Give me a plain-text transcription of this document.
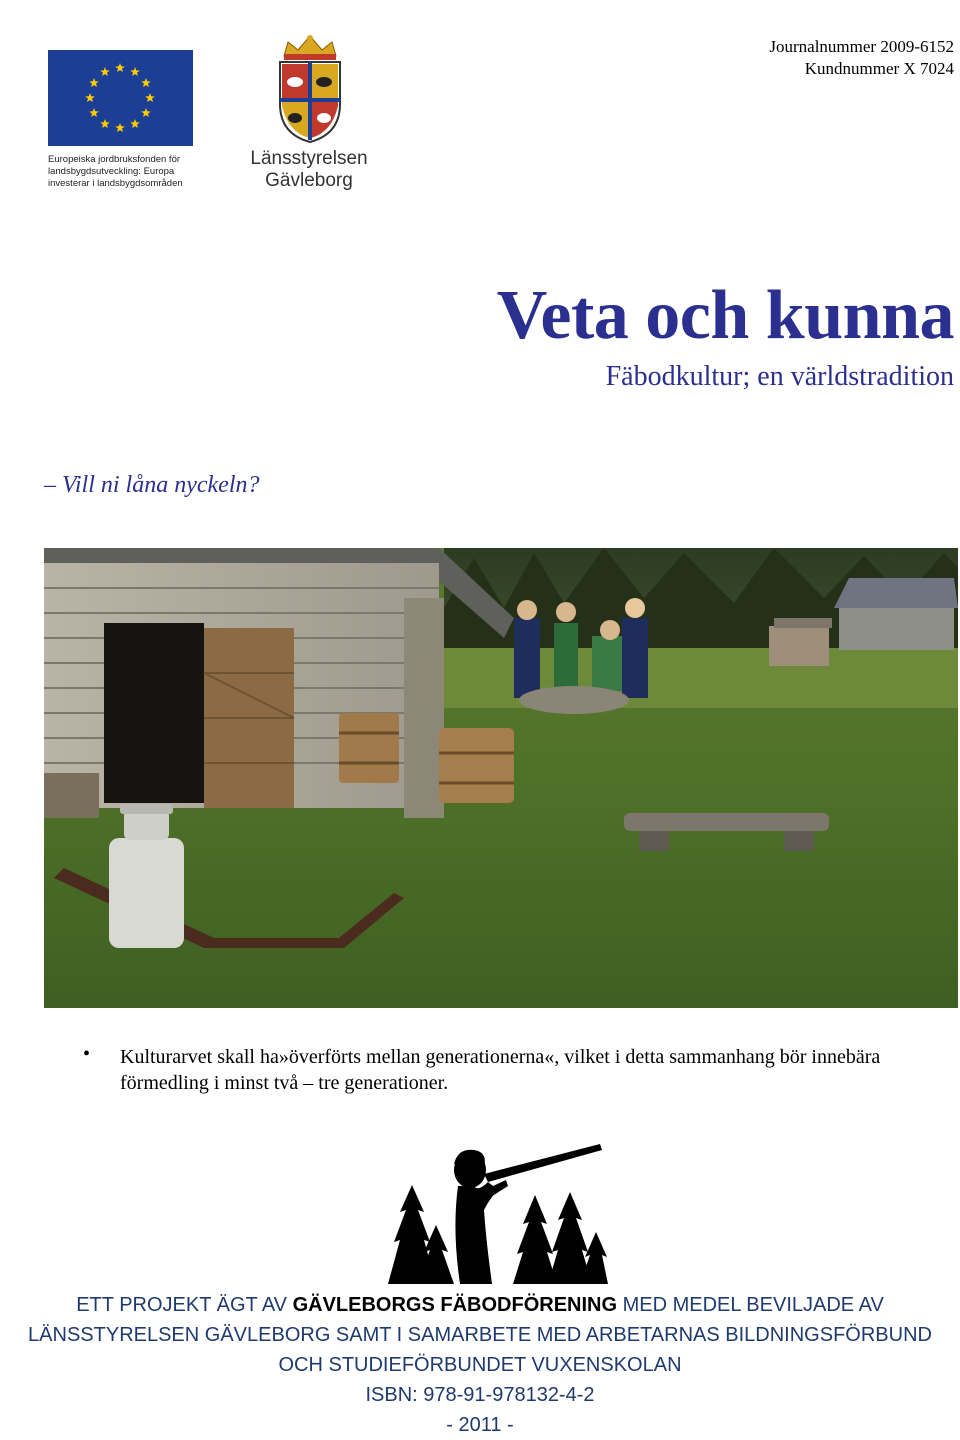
Journalnummer 2009-6152
Kundnummer X 7024
Europeiska jordbruksfonden för
landsbygdsutveckling: Europa
investerar i landsbygdsområden
Länsstyrelsen
Gävleborg
Veta och kunna
Fäbodkultur; en världstradition
– Vill ni låna nyckeln?
• Kulturarvet skall ha»överförts mellan generationerna«, vilket i detta sammanhang bör innebära förmedling i minst två – tre generationer.
ETT PROJEKT ÄGT AV GÄVLEBORGS FÄBODFÖRENING MED MEDEL BEVILJADE AV
LÄNSSTYRELSEN GÄVLEBORG SAMT I SAMARBETE MED ARBETARNAS BILDNINGSFÖRBUND
OCH STUDIEFÖRBUNDET VUXENSKOLAN
ISBN: 978-91-978132-4-2
- 2011 -
